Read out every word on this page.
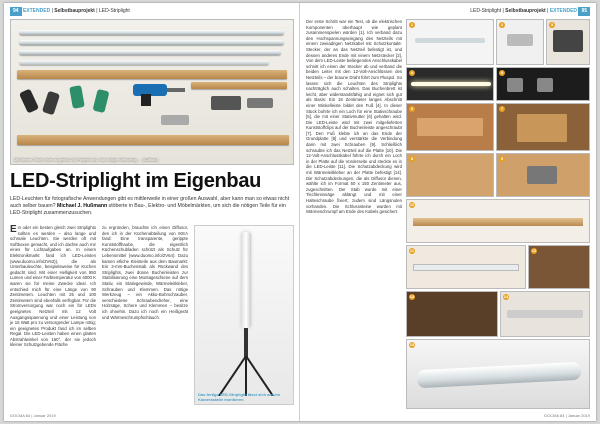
94 EXTENDED | Selbstbauprojekt | LED-Striplight
Mit diesen Teilen (hier ist gleich 2x) Projekt aus: das nötige Werkzeug ... (Aufbau)
LED-Striplight im Eigenbau
LED-Leuchten für fotografische Anwendungen gibt es mittlerweile in einer großen Auswahl, aber kann man so etwas nicht auch selber bauen? Michael J. Hußmann stöberte in Bau-, Elektro- und Möbelmärkten, um sich die nötigen Teile für ein LED-Striplight zusammenzusuchen.
Ein oder ein besten gleich zwei Striplights sollten es werden – also lange und schmale Leuchten. Sie werden oft mit Softboxen gemacht, und ich dachte auch mir eines für Lichtaufgaben an. In einem Elektronikmarkt fand ich LED-Leisten (www.duomo.info/2V63)), die als Unterbauleuchte, beispielsweise für Küchen gedacht sind. Mit einer Helligkeit von 950 Lumen und einer Farbtemperatur von 4000 K waren sie für meine Zwecke ideal. Ich entschied mich für eine Länge von 90 Zentimetern. Leuchten mit 25 und 100 Zentimetern sind ebenfalls verfügbar. Für die Stromversorgung war noch ein für LEDs geeignetes Netzteil mit 12 Volt Ausgangsspannung und einer Leistung von je 15 Watt pro zu versorgender Lampe nötig; ein geeignetes Produkt fand ich im selben Regal. Die LED-Leisten haben einen glatten Abstrahlwinkel von 160°, der sie jedoch kleiner Schutzgebende Fläche
zu ergründen, brauchte ich einen Diffusor, den ich in der Küchenabteilung von IKEA fand: Eine transparente, gerippte Kunststoffhaube, die eigentlich Küchenschubladen schützt als Schutz für Lebensmittel (www.duomo.info/2V64). Dazu kamen etliche Kleinteile aus dem Baumarkt: Ein 3-mm-Buchenstab als Rückwand des Striplights, zwei dünne Buchenleisten zur Stabilisierung eine Montageschiene auf dem Stativ, ein Stativgewinde, Wärmeleitkleber, Schrauben und Klemmen. Das nötige Werkzeug – ein Akku-Bohrschrauber, verschiedene Schraubendreher, eine Holzsäge, Schere und Klemmen – besitze ich ohnehin. Dazu ich noch ein Heißgerät und Wärmeschrumpfschlauch.
Das fertige LED-Striplight lässt sich auf ein Kamerastativ montieren
DOCMA 84 | Januar 2019
LED-Striplight | Selbstbauprojekt | EXTENDED 95
Der erste Schritt war ein Test, ob die elektrischen Komponenten überhaupt wie geplant zusammenspielen würden [1]. Ich verband dazu den Hochspannungseingang des Netzteils mit einem zweiadrigen Netzkabel mit Schutzkontakt-Stecker, der an das Netzteil befestigt ist, und dessen anderes Ende mit einem Netzstecker [2]. Von dem LED-Leiste beiliegenden Anschlusskabel schnitt ich einen der Stecker ab und verband die beiden Leiter mit den 12-Volt-Anschlüssen des Netzteils – der braune Draht führt zum Pluspol. So lassen sich die Leuchten des Striplights nachträglich auch schalten. Das Buchenbrett ist leicht, aber widerstandsfähig und eignet sich gut als Basis: Ein 18 Zentimeter langes Abschnitt einer Winkelleiste bildet den Fuß [4]. In dieser Stück bohrte ich ein Loch für eine Stativschraube [5], die mit einer Stativmutter [6] gehalten wird. Die LED-Leiste wird mit zwei mitgelieferten Kunststoffclips auf der Buchenleiste angeschraubt [7]. Den Fuß klebte ich an das Ende der Grundplatte [8] und verstärkte die Verbindung dann mit zwei Schrauben [9]. Schließlich schraubte ich das Netzteil auf die Platte [10]. Die 12-Volt-Anschlusskabel führte ich durch ein Loch in der Platte auf die Vorderseite und steckte es in die LED-Leiste [11]. Die Schutzabdeckung wird mit Wärmeleitkleber an der Platte befestigt [14]. Die Schutzabdeckungen, die als Diffusor dienen, wählte ich im Format 50 x 150 Zentimeter aus, zugeschnitten. Der Stab wurde mit einer Tischkreissäge ablängt und mit einer Halteschraube fixiert; zudem sind Längsnuten vorhanden. Die Schlusssteine wurden mit Wärmeschrumpf am Ende des Kabels gesichert.
1	2	3
4	5
6	7
8	9
10
11	12
13	14
15
DOCMA 84 | Januar 2019
